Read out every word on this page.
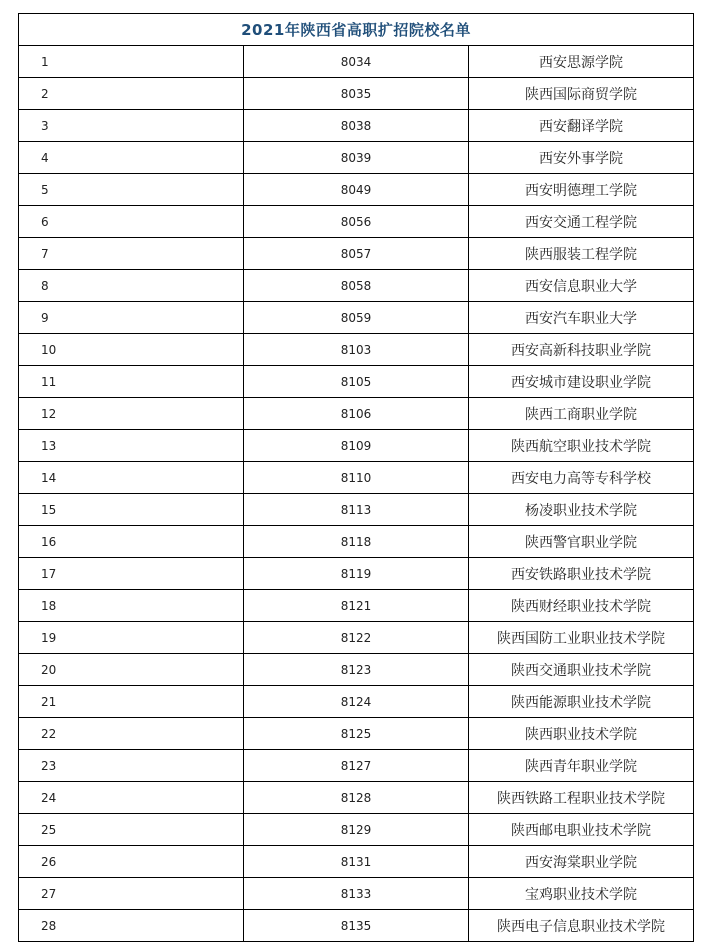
2021年陕西省高职扩招院校名单		
1	8034	西安思源学院
2	8035	陕西国际商贸学院
3	8038	西安翻译学院
4	8039	西安外事学院
5	8049	西安明德理工学院
6	8056	西安交通工程学院
7	8057	陕西服装工程学院
8	8058	西安信息职业大学
9	8059	西安汽车职业大学
10	8103	西安高新科技职业学院
11	8105	西安城市建设职业学院
12	8106	陕西工商职业学院
13	8109	陕西航空职业技术学院
14	8110	西安电力高等专科学校
15	8113	杨凌职业技术学院
16	8118	陕西警官职业学院
17	8119	西安铁路职业技术学院
18	8121	陕西财经职业技术学院
19	8122	陕西国防工业职业技术学院
20	8123	陕西交通职业技术学院
21	8124	陕西能源职业技术学院
22	8125	陕西职业技术学院
23	8127	陕西青年职业学院
24	8128	陕西铁路工程职业技术学院
25	8129	陕西邮电职业技术学院
26	8131	西安海棠职业学院
27	8133	宝鸡职业技术学院
28	8135	陕西电子信息职业技术学院
